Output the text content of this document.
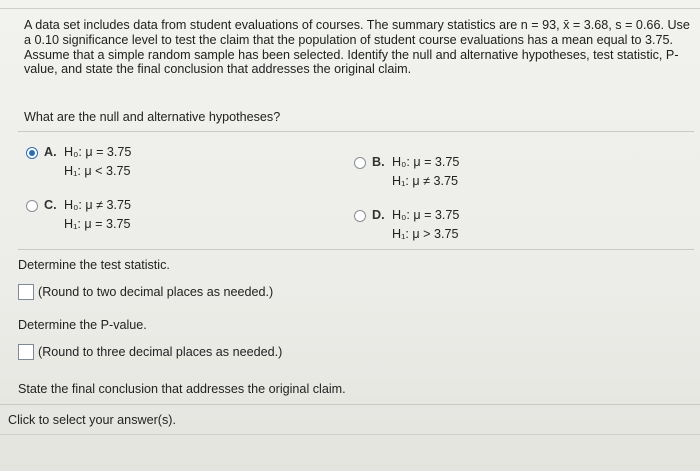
A data set includes data from student evaluations of courses. The summary statistics are n = 93, x̄ = 3.68, s = 0.66. Use a 0.10 significance level to test the claim that the population of student course evaluations has a mean equal to 3.75. Assume that a simple random sample has been selected. Identify the null and alternative hypotheses, test statistic, P-value, and state the final conclusion that addresses the original claim.
What are the null and alternative hypotheses?
A. H₀: μ = 3.75
H₁: μ < 3.75
B. H₀: μ = 3.75
H₁: μ ≠ 3.75
C. H₀: μ ≠ 3.75
H₁: μ = 3.75
D. H₀: μ = 3.75
H₁: μ > 3.75
Determine the test statistic.
(Round to two decimal places as needed.)
Determine the P-value.
(Round to three decimal places as needed.)
State the final conclusion that addresses the original claim.
Click to select your answer(s).
